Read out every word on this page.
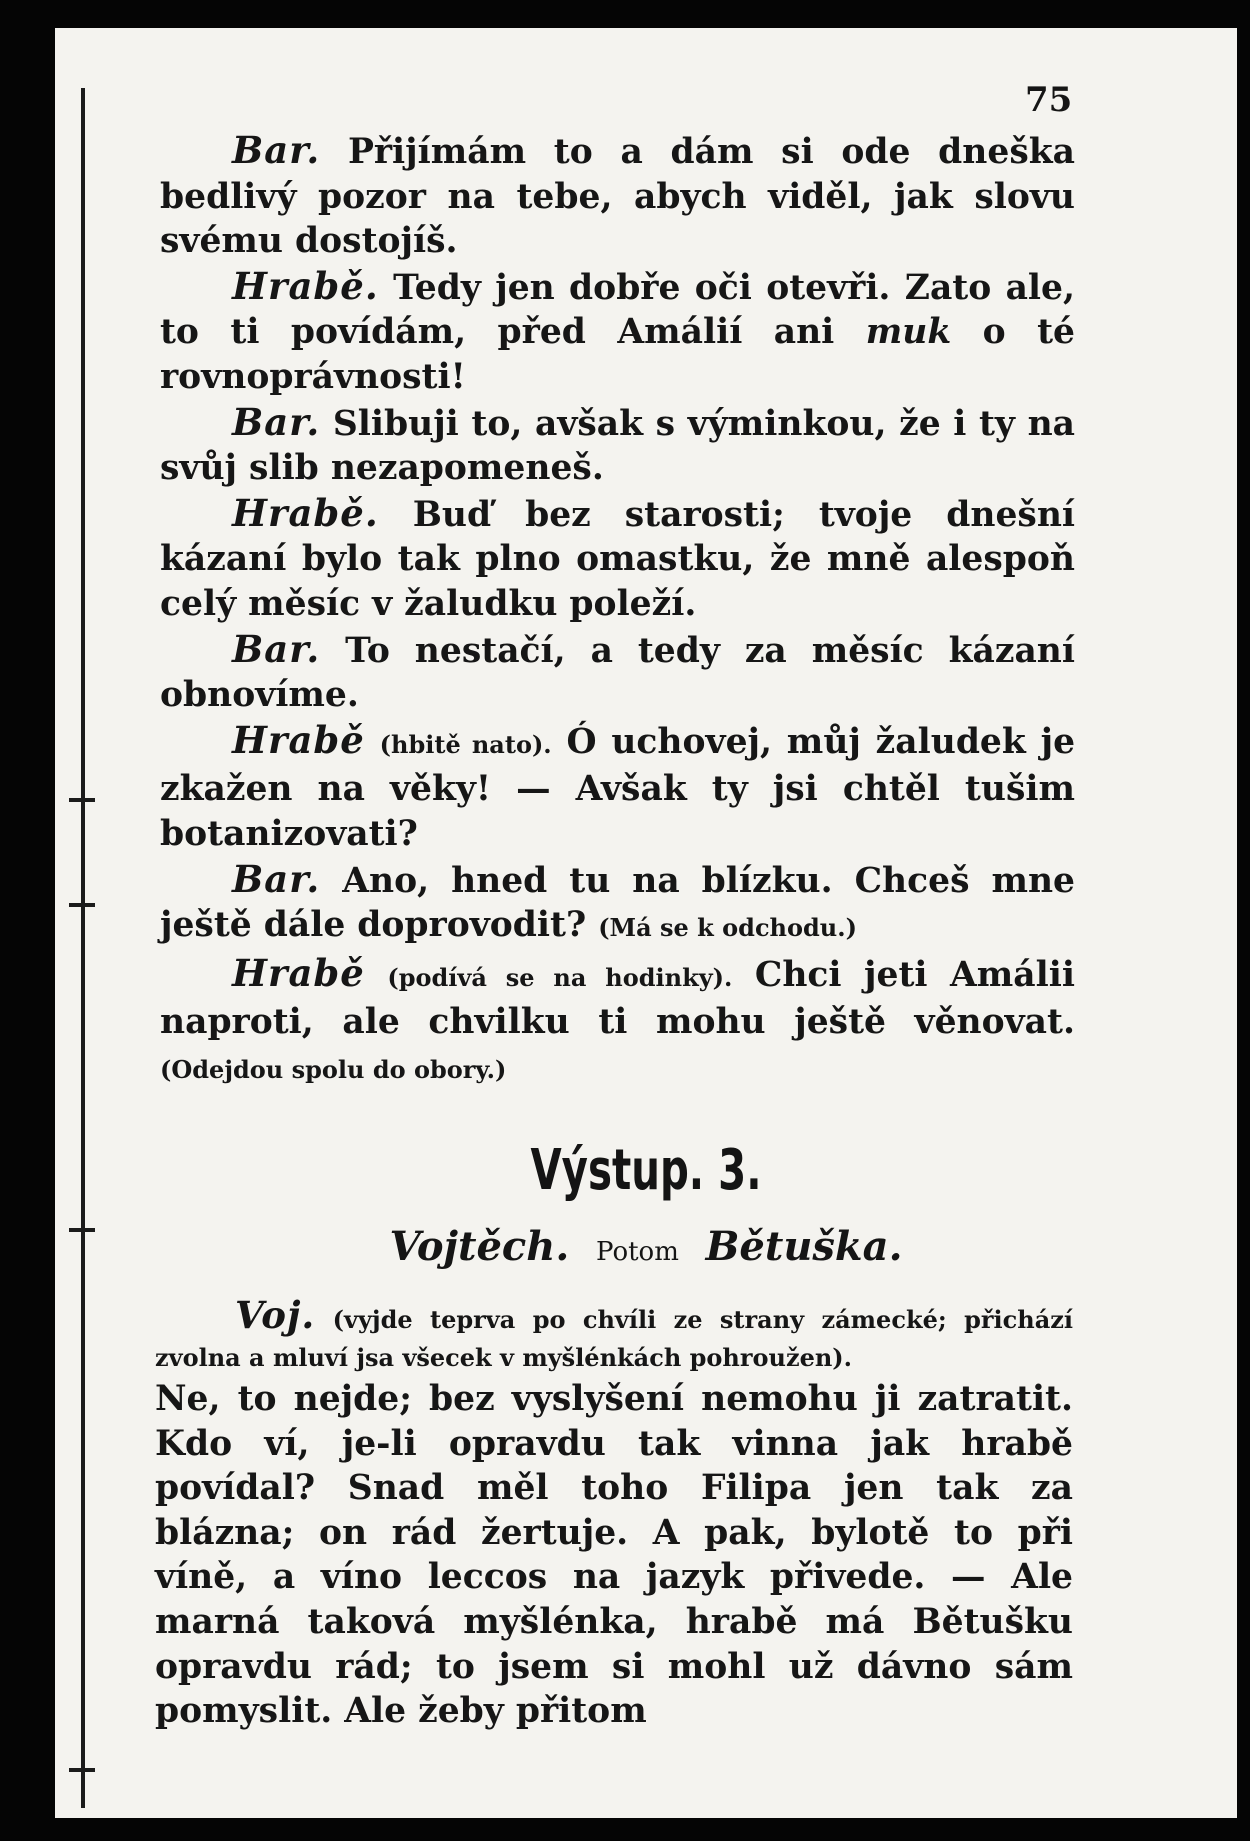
75

Bar. Přijímám to a dám si ode dneška bedlivý pozor na tebe, abych viděl, jak slovu svému dostojíš.

Hrabě. Tedy jen dobře oči otevři. Zato ale, to ti povídám, před Amálií ani muk o té rovnoprávnosti!

Bar. Slibuji to, avšak s výminkou, že i ty na svůj slib nezapomeneš.

Hrabě. Buď bez starosti; tvoje dnešní kázaní bylo tak plno omastku, že mně alespoň celý měsíc v žaludku poleží.

Bar. To nestačí, a tedy za měsíc kázaní obnovíme.

Hrabě (hbitě nato). Ó uchovej, můj žaludek je zkažen na věky! — Avšak ty jsi chtěl tušim botanizovati?

Bar. Ano, hned tu na blízku. Chceš mne ještě dále doprovodit? (Má se k odchodu.)

Hrabě (podívá se na hodinky). Chci jeti Amálii naproti, ale chvilku ti mohu ještě věnovat. (Odejdou spolu do obory.)

Výstup. 3.
Vojtěch. Potom Bětuška.

Voj. (vyjde teprva po chvíli ze strany zámecké; přichází zvolna a mluví jsa všecek v myšlénkách pohroužen).

Ne, to nejde; bez vyslyšení nemohu ji zatratit. Kdo ví, je-li opravdu tak vinna jak hrabě povídal? Snad měl toho Filipa jen tak za blázna; on rád žertuje. A pak, bylotě to při víně, a víno leccos na jazyk přivede. — Ale marná taková myšlénka, hrabě má Bětušku opravdu rád; to jsem si mohl už dávno sám pomyslit. Ale žeby přitom
